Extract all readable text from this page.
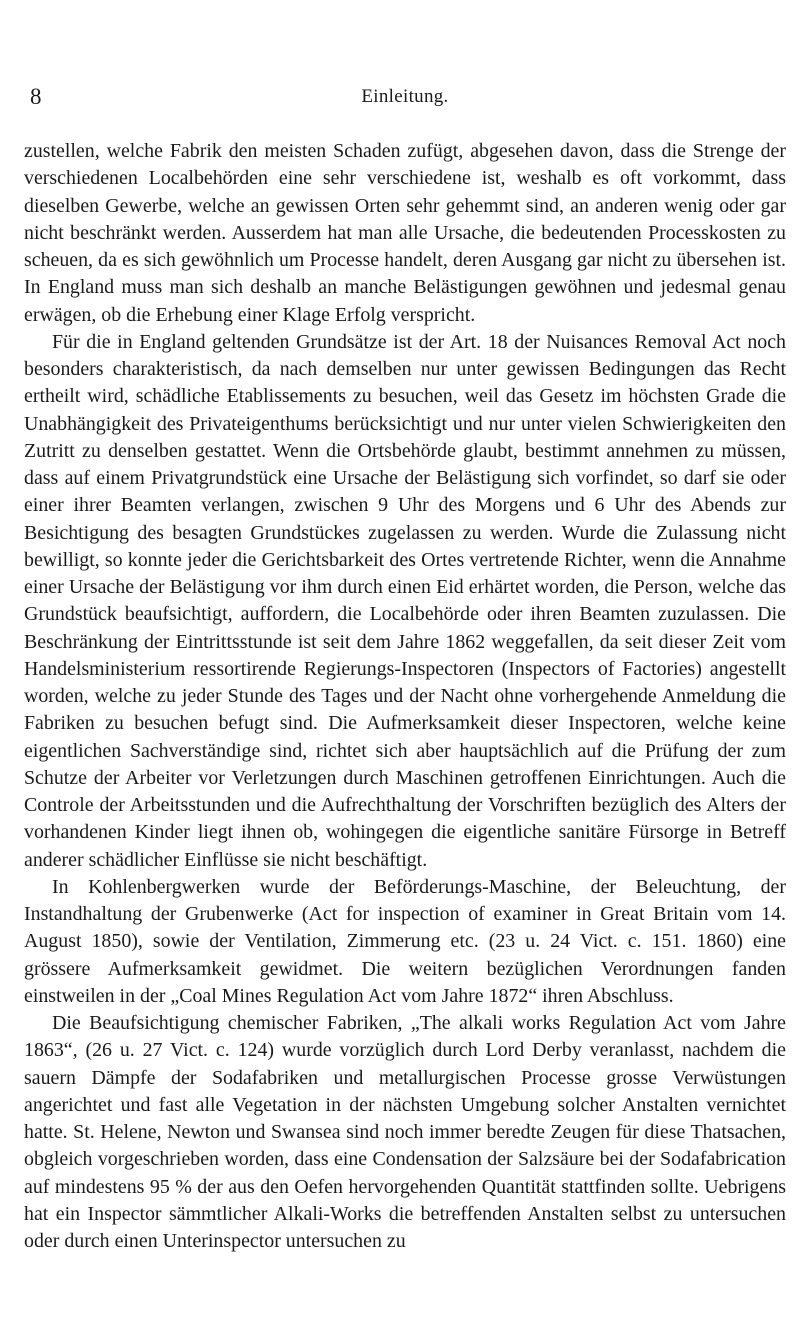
8	Einleitung.

zustellen, welche Fabrik den meisten Schaden zufügt, abgesehen davon, dass die Strenge der verschiedenen Localbehörden eine sehr verschiedene ist, weshalb es oft vorkommt, dass dieselben Gewerbe, welche an gewissen Orten sehr gehemmt sind, an anderen wenig oder gar nicht beschränkt werden. Ausserdem hat man alle Ursache, die bedeutenden Processkosten zu scheuen, da es sich gewöhnlich um Processe handelt, deren Ausgang gar nicht zu übersehen ist. In England muss man sich deshalb an manche Belästigungen gewöhnen und jedesmal genau erwägen, ob die Erhebung einer Klage Erfolg verspricht.

Für die in England geltenden Grundsätze ist der Art. 18 der Nuisances Removal Act noch besonders charakteristisch, da nach demselben nur unter gewissen Bedingungen das Recht ertheilt wird, schädliche Etablissements zu besuchen, weil das Gesetz im höchsten Grade die Unabhängigkeit des Privateigenthums berücksichtigt und nur unter vielen Schwierigkeiten den Zutritt zu denselben gestattet. Wenn die Ortsbehörde glaubt, bestimmt annehmen zu müssen, dass auf einem Privatgrundstück eine Ursache der Belästigung sich vorfindet, so darf sie oder einer ihrer Beamten verlangen, zwischen 9 Uhr des Morgens und 6 Uhr des Abends zur Besichtigung des besagten Grundstückes zugelassen zu werden. Wurde die Zulassung nicht bewilligt, so konnte jeder die Gerichtsbarkeit des Ortes vertretende Richter, wenn die Annahme einer Ursache der Belästigung vor ihm durch einen Eid erhärtet worden, die Person, welche das Grundstück beaufsichtigt, auffordern, die Localbehörde oder ihren Beamten zuzulassen. Die Beschränkung der Eintrittsstunde ist seit dem Jahre 1862 weggefallen, da seit dieser Zeit vom Handelsministerium ressortirende Regierungs-Inspectoren (Inspectors of Factories) angestellt worden, welche zu jeder Stunde des Tages und der Nacht ohne vorhergehende Anmeldung die Fabriken zu besuchen befugt sind. Die Aufmerksamkeit dieser Inspectoren, welche keine eigentlichen Sachverständige sind, richtet sich aber hauptsächlich auf die Prüfung der zum Schutze der Arbeiter vor Verletzungen durch Maschinen getroffenen Einrichtungen. Auch die Controle der Arbeitsstunden und die Aufrechthaltung der Vorschriften bezüglich des Alters der vorhandenen Kinder liegt ihnen ob, wohingegen die eigentliche sanitäre Fürsorge in Betreff anderer schädlicher Einflüsse sie nicht beschäftigt.

In Kohlenbergwerken wurde der Beförderungs-Maschine, der Beleuchtung, der Instandhaltung der Grubenwerke (Act for inspection of examiner in Great Britain vom 14. August 1850), sowie der Ventilation, Zimmerung etc. (23 u. 24 Vict. c. 151. 1860) eine grössere Aufmerksamkeit gewidmet. Die weitern bezüglichen Verordnungen fanden einstweilen in der „Coal Mines Regulation Act vom Jahre 1872“ ihren Abschluss.

Die Beaufsichtigung chemischer Fabriken, „The alkali works Regulation Act vom Jahre 1863“, (26 u. 27 Vict. c. 124) wurde vorzüglich durch Lord Derby veranlasst, nachdem die sauern Dämpfe der Sodafabriken und metallurgischen Processe grosse Verwüstungen angerichtet und fast alle Vegetation in der nächsten Umgebung solcher Anstalten vernichtet hatte. St. Helene, Newton und Swansea sind noch immer beredte Zeugen für diese Thatsachen, obgleich vorgeschrieben worden, dass eine Condensation der Salzsäure bei der Sodafabrication auf mindestens 95 % der aus den Oefen hervorgehenden Quantität stattfinden sollte. Uebrigens hat ein Inspector sämmtlicher Alkali-Works die betreffenden Anstalten selbst zu untersuchen oder durch einen Unterinspector untersuchen zu
